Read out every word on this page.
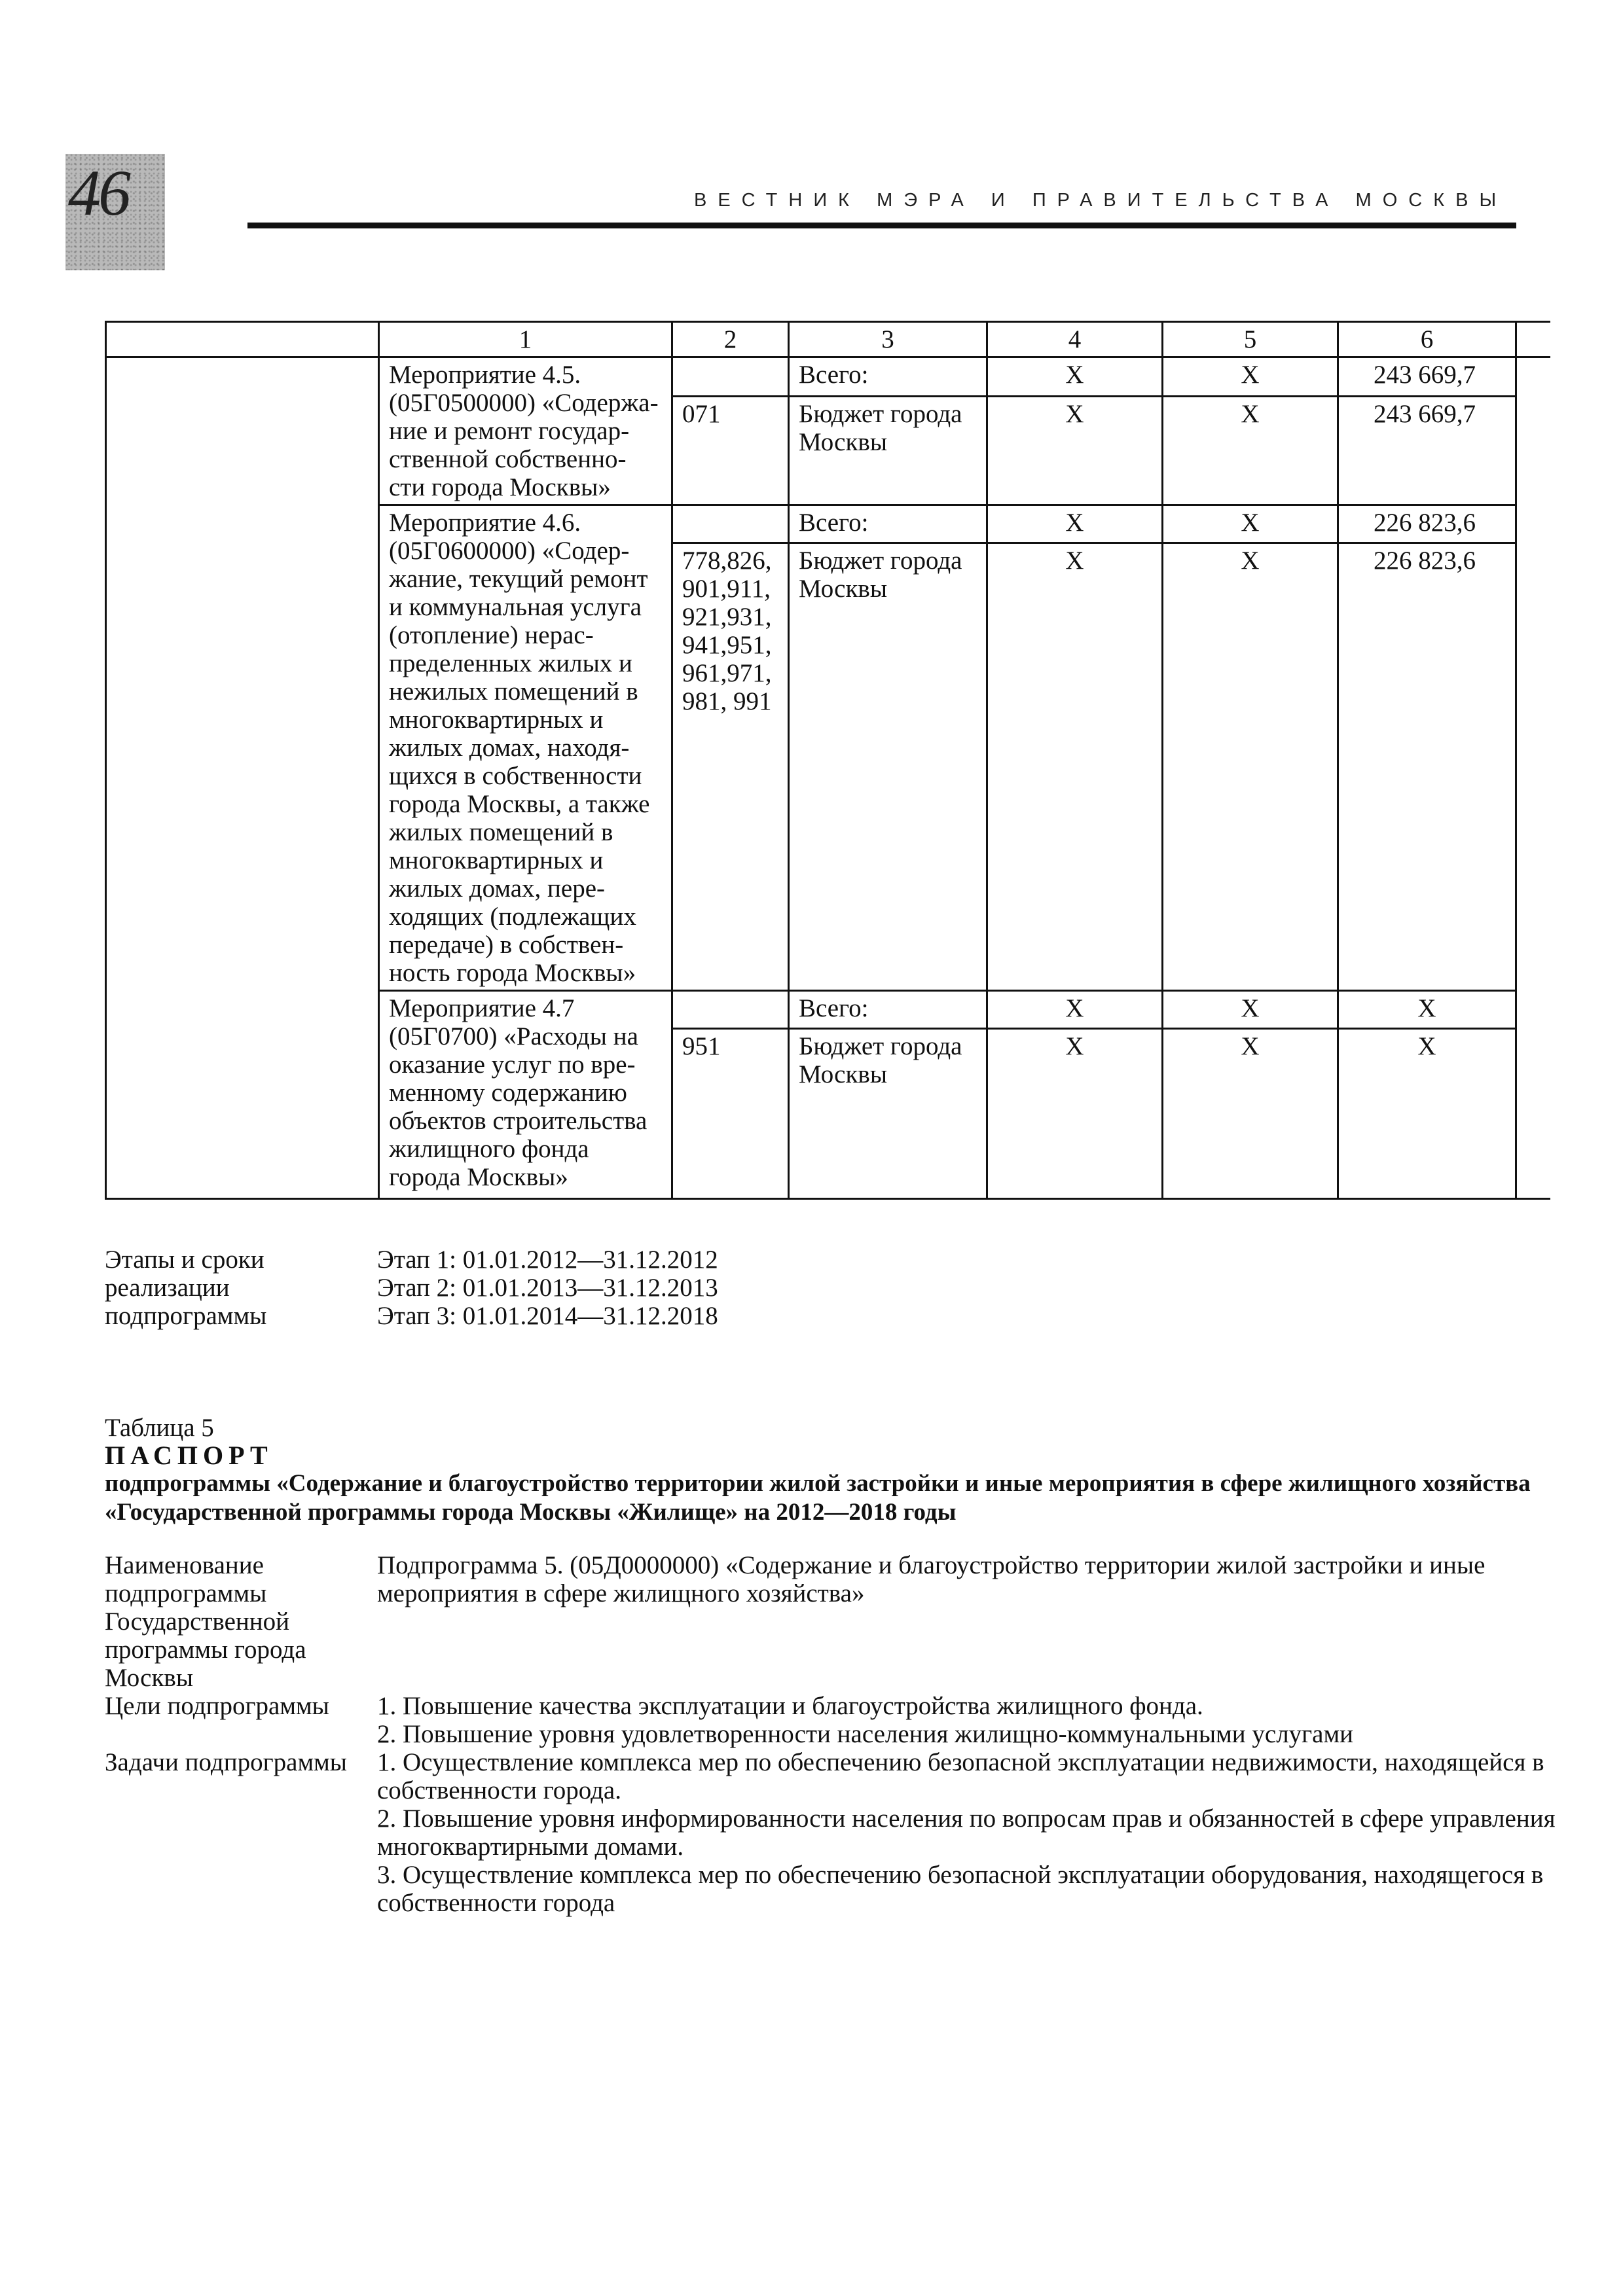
46	ВЕСТНИК МЭРА И ПРАВИТЕЛЬСТВА МОСКВЫ
	1	2	3	4	5	6	
	Мероприятие 4.5. (05Г0500000) «Содержа-ние и ремонт государ-ственной собственно-сти города Москвы»		Всего:	Х	Х	243 669,7	
		071	Бюджет города Москвы	Х	Х	243 669,7	
	Мероприятие 4.6. (05Г0600000) «Содер-жание, текущий ремонт и коммунальная услуга (отопление) нерас-пределенных жилых и нежилых помещений в многоквартирных и жилых домах, находя-щихся в собственности города Москвы, а также жилых помещений в многоквартирных и жилых домах, пере-ходящих (подлежащих передаче) в собствен-ность города Москвы»		Всего:	Х	Х	226 823,6	
		778,826, 901,911, 921,931, 941,951, 961,971, 981, 991	Бюджет города Москвы	Х	Х	226 823,6	
	Мероприятие 4.7 (05Г0700) «Расходы на оказание услуг по вре-менному содержанию объектов строительства жилищного фонда города Москвы»		Всего:	Х	Х	Х	
		951	Бюджет города Москвы	Х	Х	Х	
Этапы и сроки реализации подпрограммы
Этап 1: 01.01.2012—31.12.2012
Этап 2: 01.01.2013—31.12.2013
Этап 3: 01.01.2014—31.12.2018
Таблица 5
ПАСПОРТ
подпрограммы «Содержание и благоустройство территории жилой застройки и иные мероприятия в сфере жилищного хозяйства «Государственной программы города Москвы «Жилище» на 2012—2018 годы
Наименование подпрограммы Государственной программы города Москвы
Подпрограмма 5. (05Д0000000) «Содержание и благоустройство территории жилой застройки и иные мероприятия в сфере жилищного хозяйства»
Цели подпрограммы	1. Повышение качества эксплуатации и благоустройства жилищного фонда.
2. Повышение уровня удовлетворенности населения жилищно-коммунальными услугами
Задачи подпрограммы	1. Осуществление комплекса мер по обеспечению безопасной эксплуатации недвижимости, находящейся в собственности города.
2. Повышение уровня информированности населения по вопросам прав и обязанностей в сфере управления многоквартирными домами.
3. Осуществление комплекса мер по обеспечению безопасной эксплуатации оборудования, находящегося в собственности города
